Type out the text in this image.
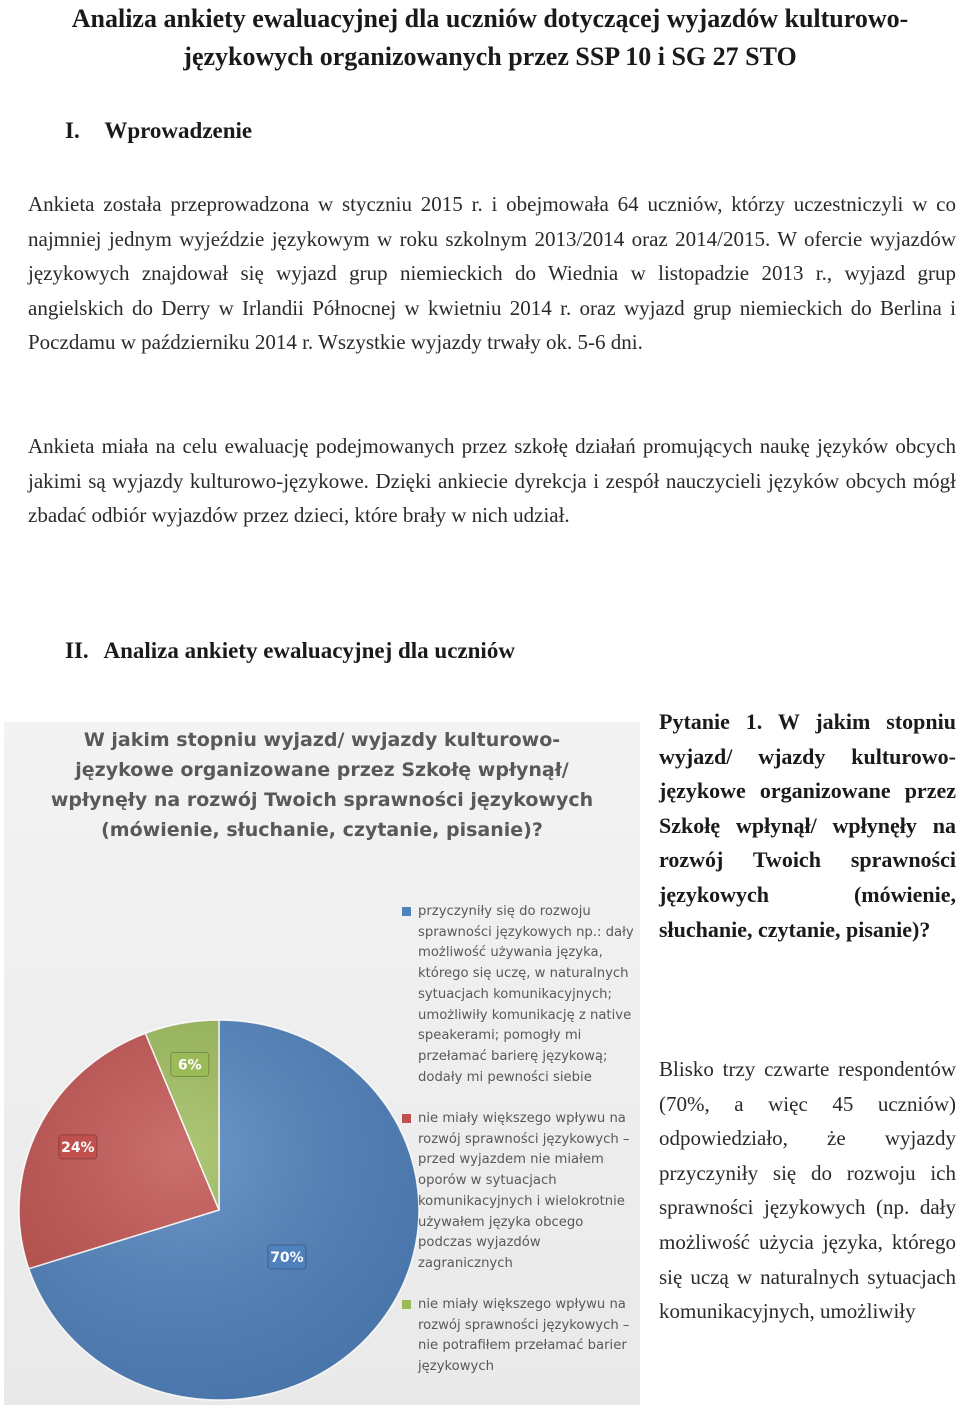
Analiza ankiety ewaluacyjnej dla uczniów dotyczącej wyjazdów kulturowo-językowych organizowanych przez SSP 10 i SG 27 STO
I. Wprowadzenie

Ankieta została przeprowadzona w styczniu 2015 r. i obejmowała 64 uczniów, którzy uczestniczyli w co najmniej jednym wyjeździe językowym w roku szkolnym 2013/2014 oraz 2014/2015. W ofercie wyjazdów językowych znajdował się wyjazd grup niemieckich do Wiednia w listopadzie 2013 r., wyjazd grup angielskich do Derry w Irlandii Północnej w kwietniu 2014 r. oraz wyjazd grup niemieckich do Berlina i Poczdamu w październiku 2014 r. Wszystkie wyjazdy trwały ok. 5-6 dni.

Ankieta miała na celu ewaluację podejmowanych przez szkołę działań promujących naukę języków obcych jakimi są wyjazdy kulturowo-językowe. Dzięki ankiecie dyrekcja i zespół nauczycieli języków obcych mógł zbadać odbiór wyjazdów przez dzieci, które brały w nich udział.

II. Analiza ankiety ewaluacyjnej dla uczniów

W jakim stopniu wyjazd/ wyjazdy kulturowo-językowe organizowane przez Szkołę wpłynął/ wpłynęły na rozwój Twoich sprawności językowych (mówienie, słuchanie, czytanie, pisanie)?

70%
24%
6%

przyczyniły się do rozwoju sprawności językowych np.: dały możliwość używania języka, którego się uczę, w naturalnych sytuacjach komunikacyjnych; umożliwiły komunikację z native speakerami; pomogły mi przełamać barierę językową; dodały mi pewności siebie

nie miały większego wpływu na rozwój sprawności językowych – przed wyjazdem nie miałem oporów w sytuacjach komunikacyjnych i wielokrotnie używałem języka obcego podczas wyjazdów zagranicznych

nie miały większego wpływu na rozwój sprawności językowych – nie potrafiłem przełamać barier językowych

Pytanie 1. W jakim stopniu wyjazd/ wjazdy kulturowo-językowe organizowane przez Szkołę wpłynął/ wpłynęły na rozwój Twoich sprawności językowych (mówienie, słuchanie, czytanie, pisanie)?

Blisko trzy czwarte respondentów (70%, a więc 45 uczniów) odpowiedziało, że wyjazdy przyczyniły się do rozwoju ich sprawności językowych (np. dały możliwość użycia języka, którego się uczą w naturalnych sytuacjach komunikacyjnych, umożliwiły
